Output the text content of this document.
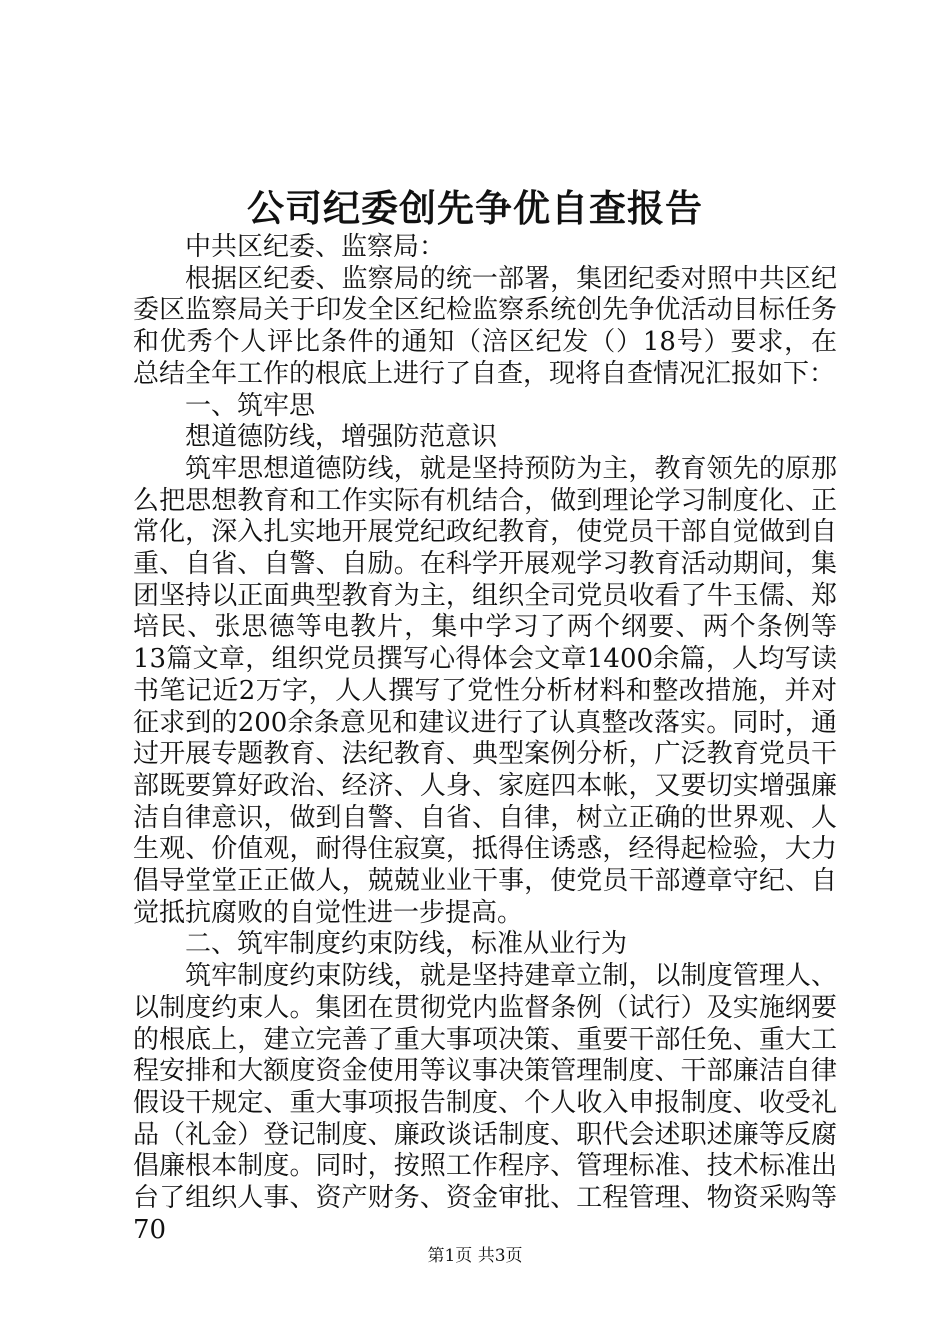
公司纪委创先争优自查报告

中共区纪委、监察局：

根据区纪委、监察局的统一部署，集团纪委对照中共区纪委区监察局关于印发全区纪检监察系统创先争优活动目标任务和优秀个人评比条件的通知（涪区纪发（）18号）要求，在总结全年工作的根底上进行了自查，现将自查情况汇报如下：

一、筑牢思

想道德防线，增强防范意识

筑牢思想道德防线，就是坚持预防为主，教育领先的原那么把思想教育和工作实际有机结合，做到理论学习制度化、正常化，深入扎实地开展党纪政纪教育，使党员干部自觉做到自重、自省、自警、自励。在科学开展观学习教育活动期间，集团坚持以正面典型教育为主，组织全司党员收看了牛玉儒、郑培民、张思德等电教片，集中学习了两个纲要、两个条例等13篇文章，组织党员撰写心得体会文章1400余篇，人均写读书笔记近2万字，人人撰写了党性分析材料和整改措施，并对征求到的200余条意见和建议进行了认真整改落实。同时，通过开展专题教育、法纪教育、典型案例分析，广泛教育党员干部既要算好政治、经济、人身、家庭四本帐，又要切实增强廉洁自律意识，做到自警、自省、自律，树立正确的世界观、人生观、价值观，耐得住寂寞，抵得住诱惑，经得起检验，大力倡导堂堂正正做人，兢兢业业干事，使党员干部遵章守纪、自觉抵抗腐败的自觉性进一步提高。

二、筑牢制度约束防线，标准从业行为

筑牢制度约束防线，就是坚持建章立制，以制度管理人、以制度约束人。集团在贯彻党内监督条例（试行）及实施纲要的根底上，建立完善了重大事项决策、重要干部任免、重大工程安排和大额度资金使用等议事决策管理制度、干部廉洁自律假设干规定、重大事项报告制度、个人收入申报制度、收受礼品（礼金）登记制度、廉政谈话制度、职代会述职述廉等反腐倡廉根本制度。同时，按照工作程序、管理标准、技术标准出台了组织人事、资产财务、资金审批、工程管理、物资采购等70

第1页 共3页
